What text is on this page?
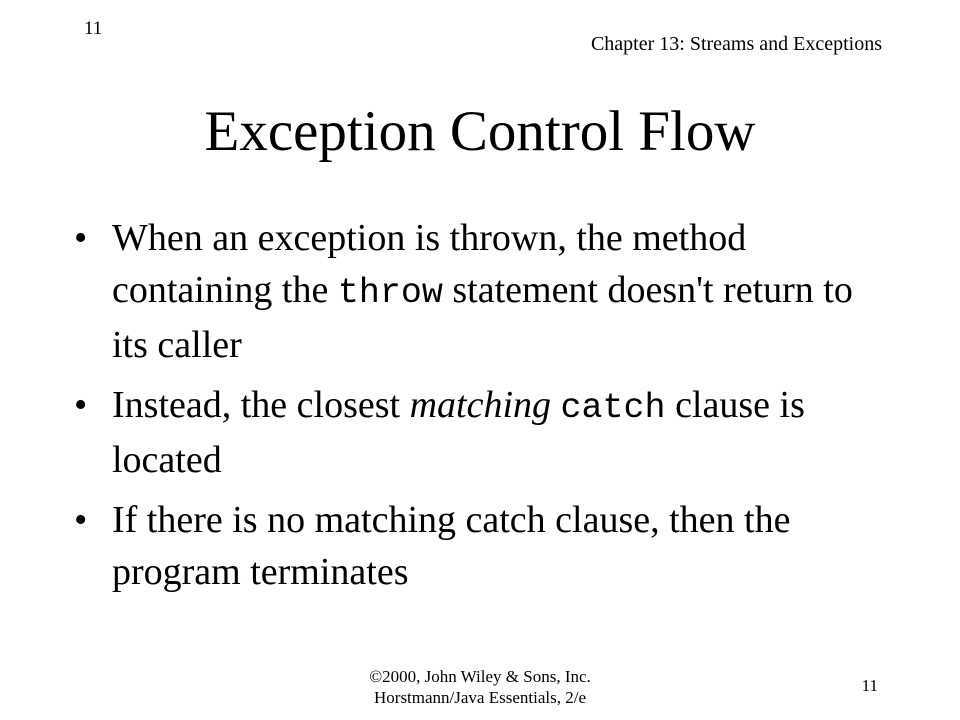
11
Chapter 13: Streams and Exceptions
Exception Control Flow
• When an exception is thrown, the method containing the throw statement doesn't return to its caller
• Instead, the closest matching catch clause is located
• If there is no matching catch clause, then the program terminates
©2000, John Wiley & Sons, Inc.
Horstmann/Java Essentials, 2/e
11
